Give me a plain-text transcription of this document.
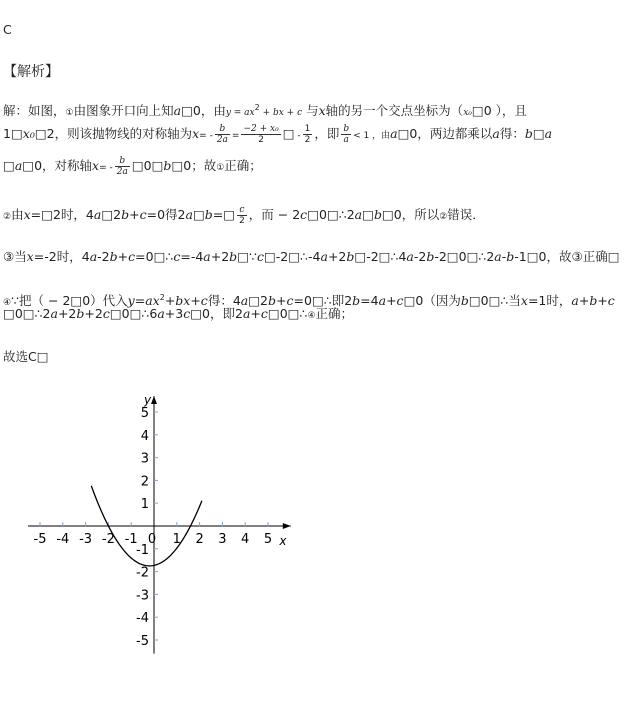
C
【解析】
解：如图，①由图象开口向上知a□0，由$y = ax^2$ + bx + c 与x轴的另一个交点坐标为（x₀□0 ），且
1□x₀□2，则该抛物线的对称轴为$x= - \frac{b}{2a} = \frac{\text{−2 + x₀}}{2}$ □ - $\frac{1}{2}$ ，即 $\frac{b}{a} < 1$ ，由a□0，两边都乘以a得：b□a
□a□0，对称轴$x= - \frac{b}{2a}$ □0□b□0；故①正确；
②由x=□2时，4a□2b+c=0得2a□b=□ $\frac{c}{2}$ ，而 − 2c□0□∴2a□b□0，所以②错误．
③当x=-2时，4a-2b+c=0□∴c=-4a+2b□∵c□-2□∴-4a+2b□-2□∴4a-2b-2□0□∴2a-b-1□0，故③正确□
④∵把（ − 2□0）代入$y=ax^2+bx+c$得：4a□2b+c=0□∴即2b=4a+c□0（因为b□0□∴当x=1时，a+b+c
□0□∴2a+2b+2c□0□∴6a+3c□0，即2a+c□0□∴④正确；
故选C□
-5 -4 -3 -2 -1 0 1 2 3 4 5
5
4
3
2
1
-1
-2
-3
-4
-5
x
y
